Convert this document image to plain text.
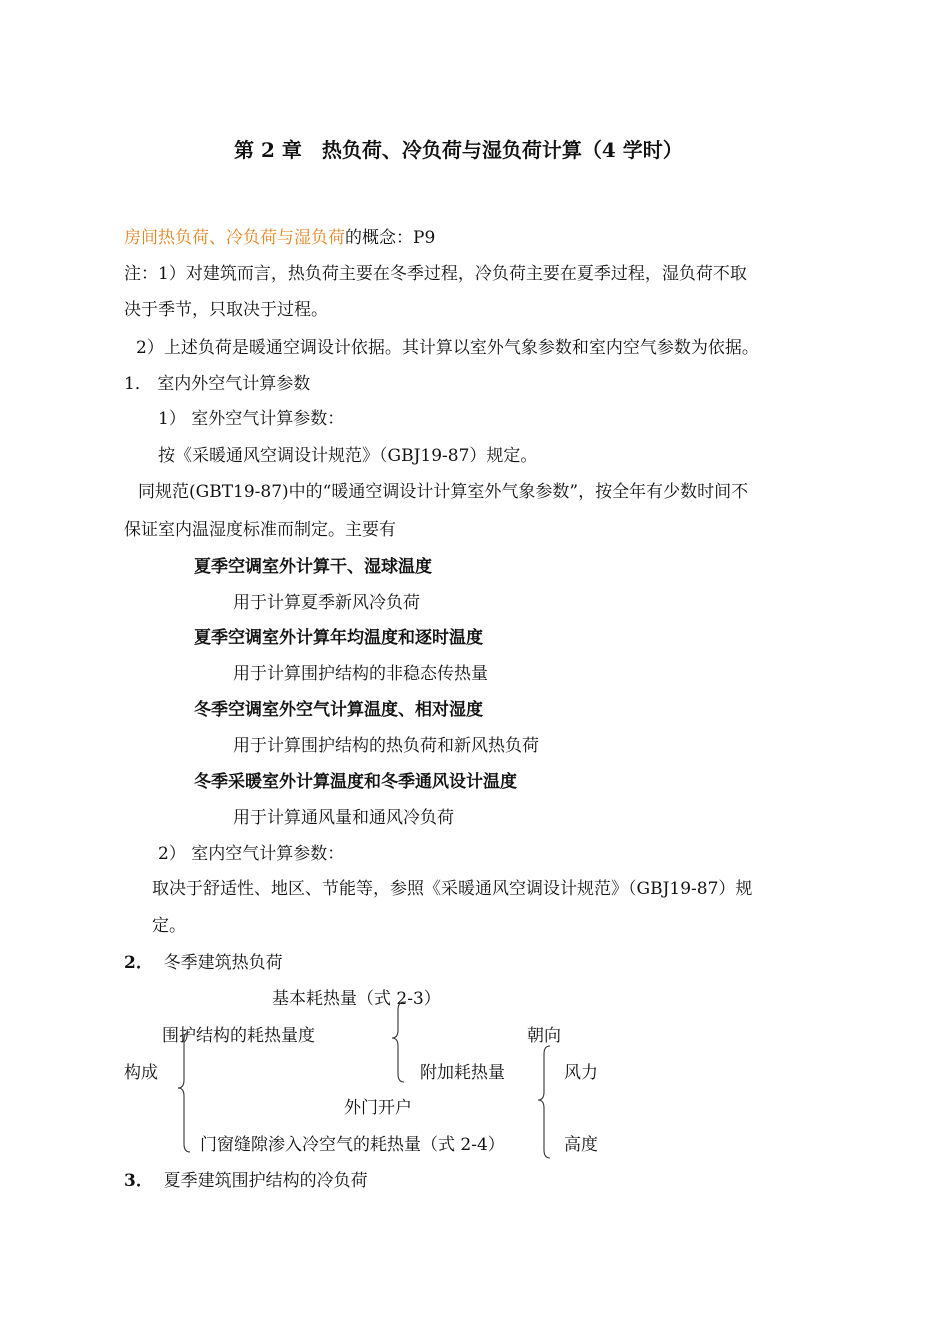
第 2 章　热负荷、冷负荷与湿负荷计算（4 学时）
房间热负荷、冷负荷与湿负荷的概念：P9
注：1）对建筑而言，热负荷主要在冬季过程，冷负荷主要在夏季过程，湿负荷不取
决于季节，只取决于过程。
2）上述负荷是暖通空调设计依据。其计算以室外气象参数和室内空气参数为依据。
1． 室内外空气计算参数
1） 室外空气计算参数：
按《采暖通风空调设计规范》（GBJ19-87）规定。
同规范(GBT19-87)中的“暖通空调设计计算室外气象参数”，按全年有少数时间不
保证室内温湿度标准而制定。主要有
夏季空调室外计算干、湿球温度
用于计算夏季新风冷负荷
夏季空调室外计算年均温度和逐时温度
用于计算围护结构的非稳态传热量
冬季空调室外空气计算温度、相对湿度
用于计算围护结构的热负荷和新风热负荷
冬季采暖室外计算温度和冬季通风设计温度
用于计算通风量和通风冷负荷
2） 室内空气计算参数：
取决于舒适性、地区、节能等，参照《采暖通风空调设计规范》（GBJ19-87）规
定。
2． 冬季建筑热负荷
基本耗热量（式 2-3）
围护结构的耗热量度	朝向
构成	附加耗热量	风力
外门开户
门窗缝隙渗入冷空气的耗热量（式 2-4）	高度
3． 夏季建筑围护结构的冷负荷
